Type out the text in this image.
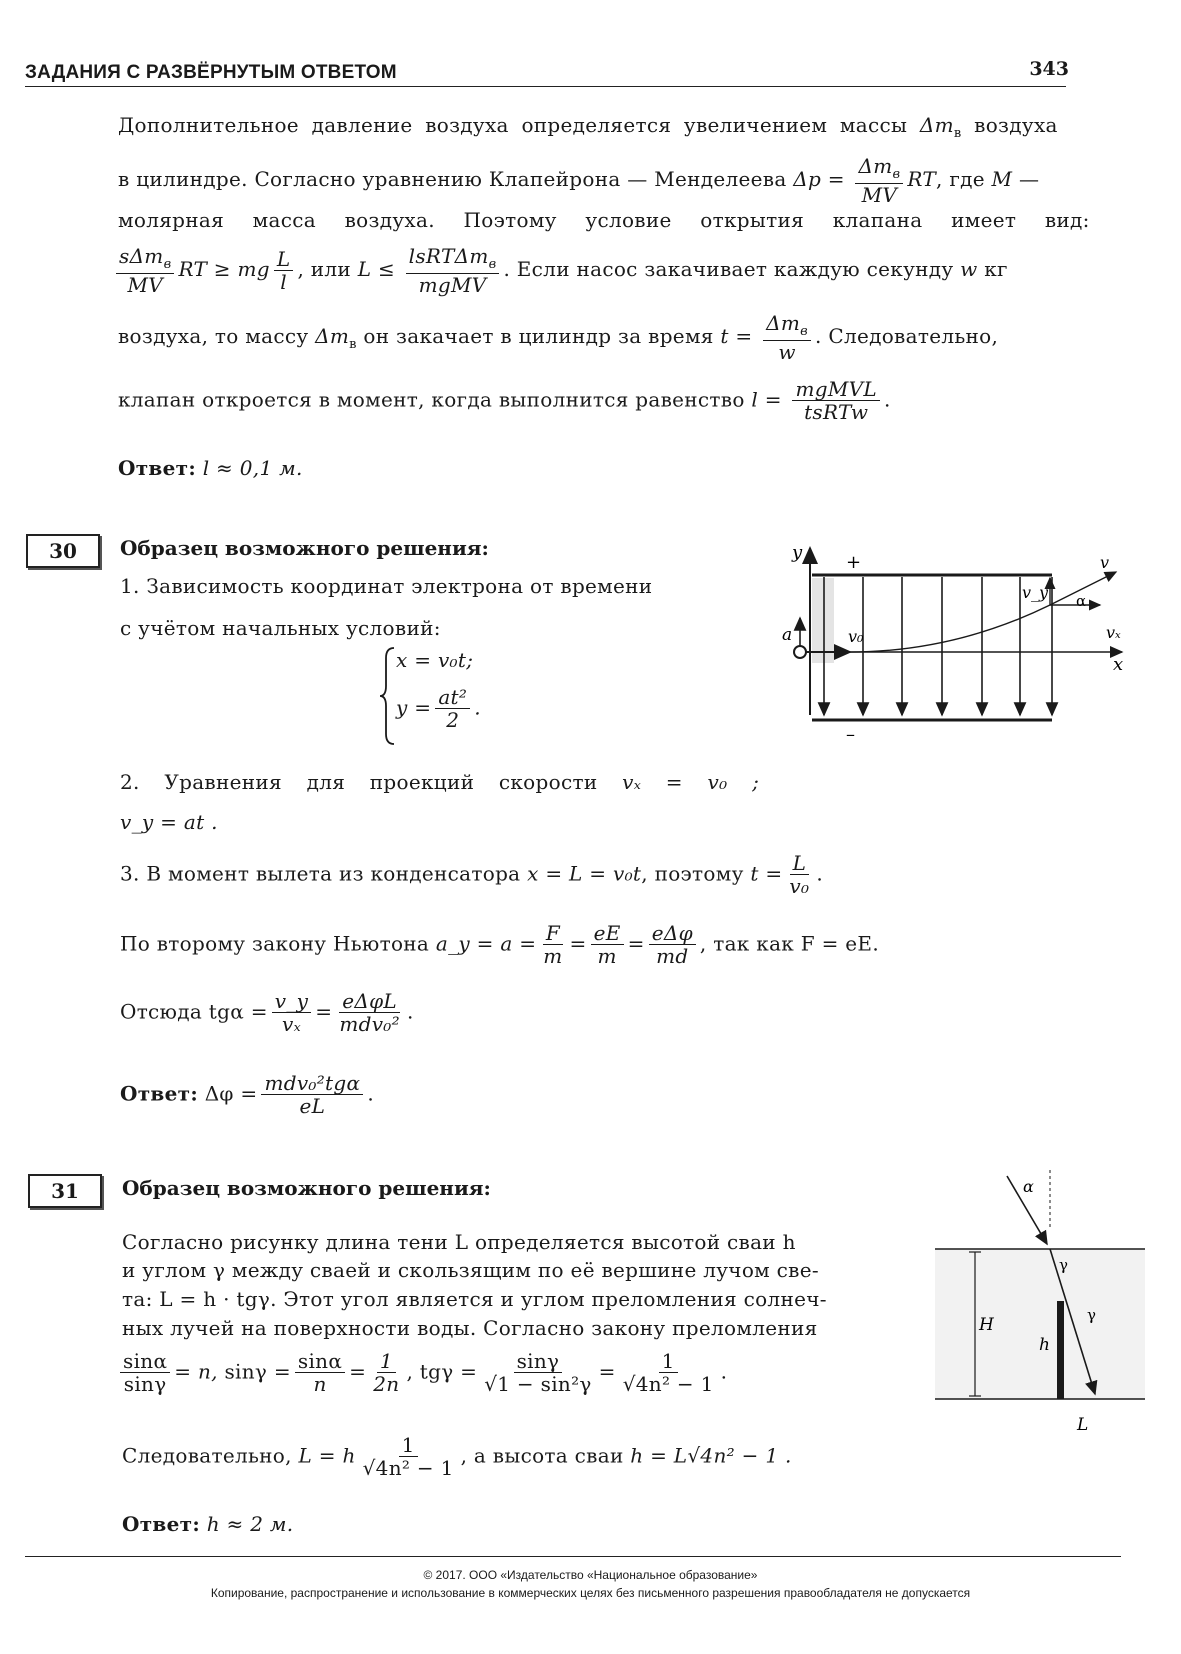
ЗАДАНИЯ С РАЗВЁРНУТЫМ ОТВЕТОМ	343
Дополнительное давление воздуха определяется увеличением массы $\Delta m_в$ воздуха
в цилиндре. Согласно уравнению Клапейрона — Менделеева $\Delta p = \frac{\Delta m_в}{MV}$ RT, где M —
молярная масса воздуха. Поэтому условие открытия клапана имеет вид:
$\frac{s\Delta m_в}{MV}$ RT ≥ mg $\frac{L}{l}$ , или $L \le \frac{lsRT\Delta m_в}{\text{mgMV}}$ . Если насос закачивает каждую секунду w кг
воздуха, то массу $\Delta m_в$ он закачает в цилиндр за время $t = \frac{\Delta m_в}{w}$ . Следовательно,
клапан откроется в момент, когда выполнится равенство $l = \frac{\text{mgMVL}}{\text{tsRTw}}$ .
Ответ: l ≈ 0,1 м.
30	Образец возможного решения:
1. Зависимость координат электрона от времени
с учётом начальных условий:
x = v₀t;
$y = \frac{\text{at²}}{2}$ .
2. Уравнения для проекций скорости vₓ = v₀ ;
v_y = at .
3. В момент вылета из конденсатора x = L = v₀t, поэтому $t = \frac{L}{\text{v₀}}$ .
По второму закону Ньютона a_y = $a = \frac{F}{m} = \frac{eE}{m} = \frac{\text{eΔφ}}{md}$ , так как F = eE.
Отсюда $tg\alpha = \frac{v\_y}{\text{vₓ}} = \frac{\text{eΔφL}}{\text{mdv₀²}}$ .
Ответ: $\Delta\varphi = \frac{\text{mdv₀²tgα}}{eL}$ .
y
x
+
–
a	v₀
v_y
v
vₓ
α
31	Образец возможного решения:
Согласно рисунку длина тени L определяется высотой сваи h
и углом γ между сваей и скользящим по её вершине лучом све-
та: L = h · tgγ. Этот угол является и углом преломления солнеч-
ных лучей на поверхности воды. Согласно закону преломления
$\frac{\sin\alpha}{\sin\gamma} = n$, $\sin\gamma = \frac{\sin\alpha}{n} = \frac{1}{2n}$ , $tg\gamma = \frac{\sin\gamma}{\text{√1 − sin²γ}} = \frac{1}{\text{√4n² − 1}}$ .
Следовательно, L = h $\frac{1}{\text{√4n² − 1}}$ , а высота сваи h = L√4n² − 1 .
Ответ: h ≈ 2 м.
α
γ
γ
H
h
L
© 2017. ООО «Издательство «Национальное образование»
Копирование, распространение и использование в коммерческих целях без письменного разрешения правообладателя не допускается
